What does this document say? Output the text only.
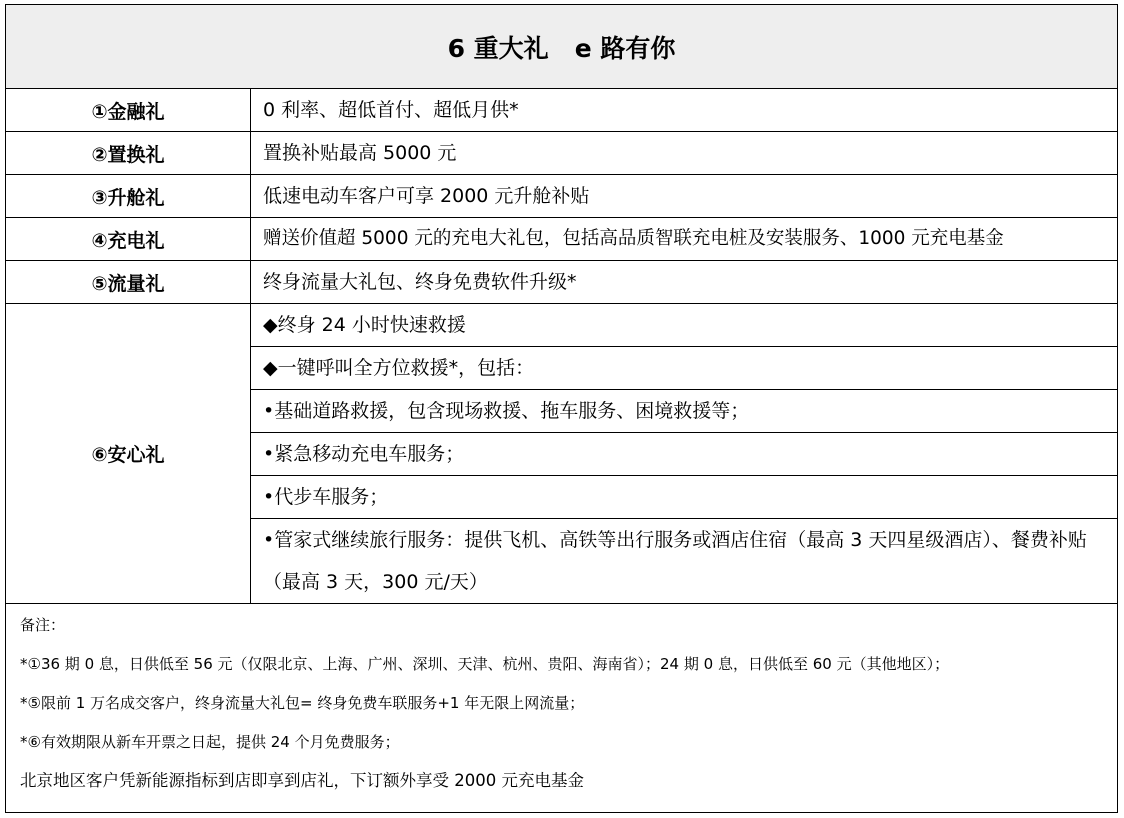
6 重大礼   e 路有你	
①金融礼	0 利率、超低首付、超低月供*
②置换礼	置换补贴最高 5000 元
③升舱礼	低速电动车客户可享 2000 元升舱补贴
④充电礼	赠送价值超 5000 元的充电大礼包，包括高品质智联充电桩及安装服务、1000 元充电基金
⑤流量礼	终身流量大礼包、终身免费软件升级*
⑥安心礼	◆终身 24 小时快速救援
	◆一键呼叫全方位救援*，包括：
	•基础道路救援，包含现场救援、拖车服务、困境救援等；
	•紧急移动充电车服务；
	•代步车服务；
	•管家式继续旅行服务：提供飞机、高铁等出行服务或酒店住宿（最高 3 天四星级酒店）、餐费补贴（最高 3 天，300 元/天）

备注：
*①36 期 0 息，日供低至 56 元（仅限北京、上海、广州、深圳、天津、杭州、贵阳、海南省）；24 期 0 息，日供低至 60 元（其他地区）；
*⑤限前 1 万名成交客户，终身流量大礼包= 终身免费车联服务+1 年无限上网流量；
*⑥有效期限从新车开票之日起，提供 24 个月免费服务；
北京地区客户凭新能源指标到店即享到店礼，下订额外享受 2000 元充电基金	
